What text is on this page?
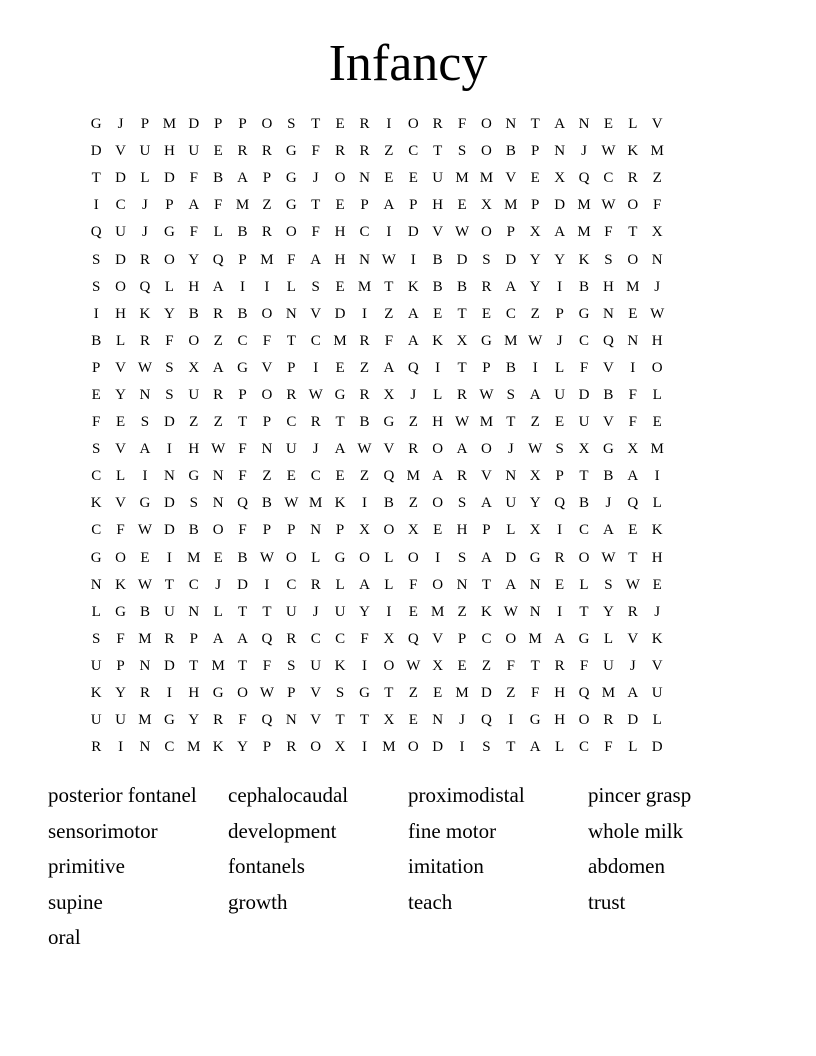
Infancy
G	J	P M D P	P O S	T	E R	I	O R	F O N T A N E	L V
D V U H U E R R G F	R R Z C T	S O B	P N	J W K M
T D L D F	B A P G	J	O N E	E U M M V E X Q C R Z
I	C	J	P A F M Z G T	E	P A P H E X M P D M W O F
Q U	J	G F	L B R O F H C	I	D V W O P X A M F	T X
S D R O Y Q P M F A H N W I	B D S D Y Y K S O N
S O Q L H A	I	I	L	S	E M T K B B R A Y	I	B H M J
I	H K Y B R B O N V D	I	Z A E	T	E C Z	P G N E W
B L R	F O Z C	F	T C M R	F A K X G M W J	C Q N H
P V W S X A G V P	I	E	Z A Q	I	T	P	B	I	L	F V	I	O
E Y N S U R	P O R W G R X	J	L R W S A U D B	F	L
F	E	S D Z	Z	T	P	C R T B G Z H W M T	Z	E U V F	E
S V A	I	H W F N U	J	A W V R O A O	J W S X G X M
C L	I	N G N F	Z	E C E	Z Q M A R V N X P	T B A	I
K V G D S N Q B W M K	I	B Z O S A U Y Q B	J	Q L
C	F W D B O F	P	P N P X O X E H P	L X	I	C A E K
G O E	I	M E B W O L G O L O	I	S A D G R O W T H
N K W T C	J	D	I	C R L A L	F O N T A N E	L	S W E
L G B U N L	T	T U	J	U Y	I	E M Z K W N	I	T Y R	J
S	F M R	P A A Q R C C	F X Q V P	C O M A G L V K
U P N D T M T	F	S U K	I	O W X E	Z	F	T R	F U	J	V
K Y R	I	H G O W P V S G T	Z	E M D Z	F H Q M A U
U U M G Y R	F Q N V T	T X E N	J	Q	I	G H O R D L
R	I	N C M K Y P	R O X	I	M O D	I	S	T A L C	F	L D
posterior fontanel	cephalocaudal	proximodistal	pincer grasp
sensorimotor	development	fine motor	whole milk
primitive	fontanels	imitation	abdomen
supine	growth	teach	trust
oral
